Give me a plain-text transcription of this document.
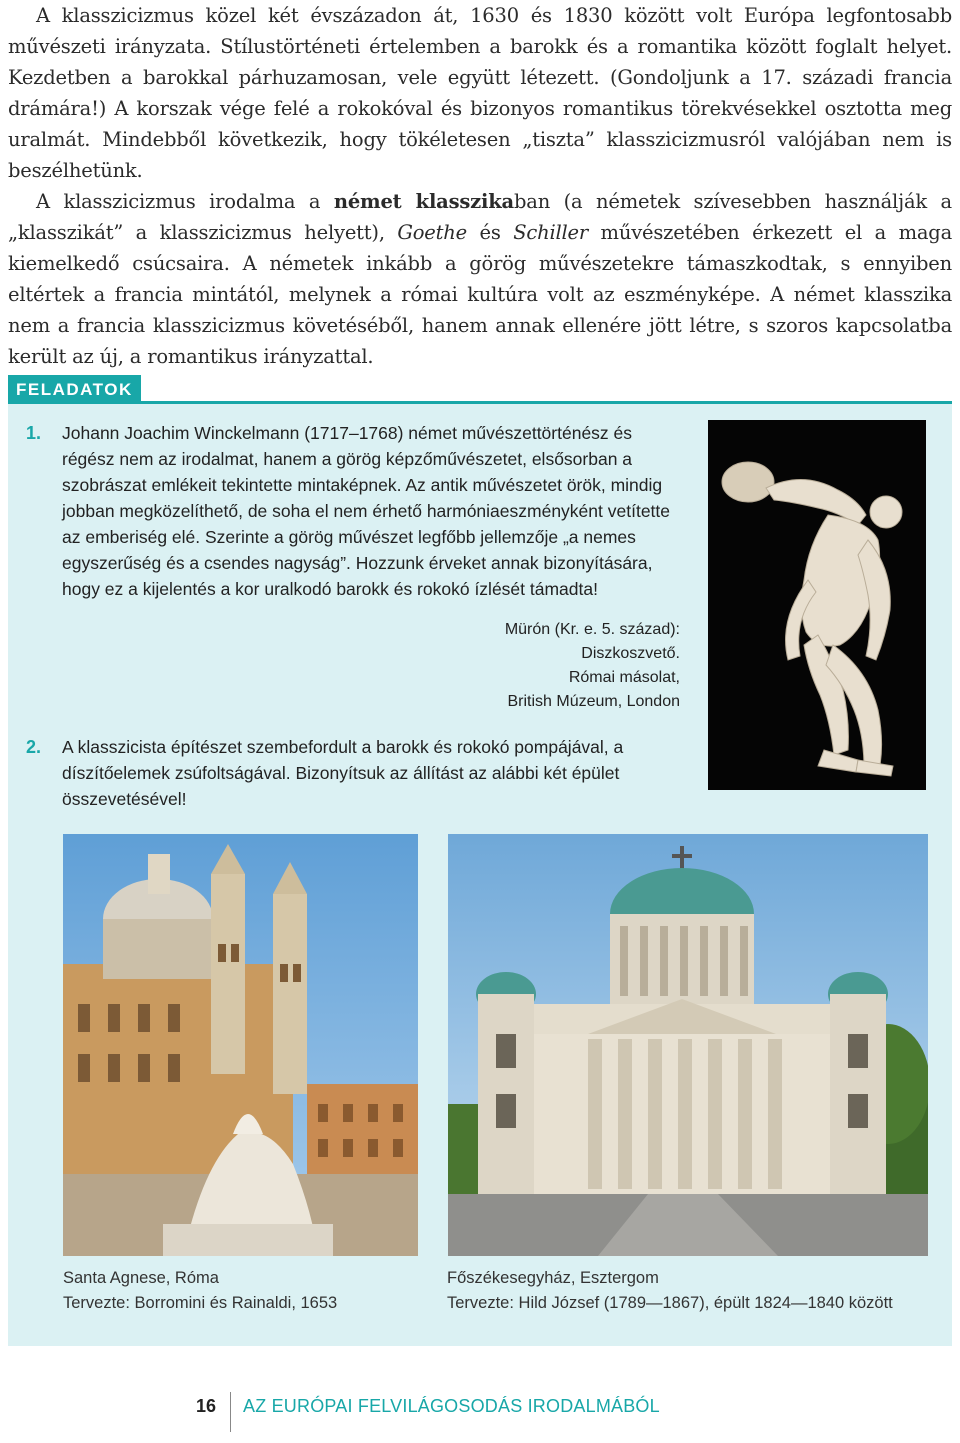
A klasszicizmus közel két évszázadon át, 1630 és 1830 között volt Európa legfontosabb művészeti irányzata. Stílustörténeti értelemben a barokk és a romantika között foglalt helyet. Kezdetben a barokkal párhuzamosan, vele együtt létezett. (Gondoljunk a 17. századi francia drámára!) A korszak vége felé a rokokóval és bizonyos romantikus törekvésekkel osztotta meg uralmát. Mindebből következik, hogy tökéletesen „tiszta” klasszicizmusról valójában nem is beszélhetünk.

A klasszicizmus irodalma a német klasszikaban (a németek szívesebben használják a „klasszikát” a klasszicizmus helyett), Goethe és Schiller művészetében érkezett el a maga kiemelkedő csúcsaira. A németek inkább a görög művészetekre támaszkodtak, s ennyiben eltértek a francia mintától, melynek a római kultúra volt az eszményképe. A német klasszika nem a francia klasszicizmus követéséből, hanem annak ellenére jött létre, s szoros kapcsolatba került az új, a romantikus irányzattal.

FELADATOK
1. Johann Joachim Winckelmann (1717–1768) német művészettörténész és régész nem az irodalmat, hanem a görög képzőművészetet, elsősorban a szobrászat emlékeit tekintette mintaképnek. Az antik művészetet örök, mindig jobban megközelíthető, de soha el nem érhető harmóniaeszményként vetítette az emberiség elé. Szerinte a görög művészet legfőbb jellemzője „a nemes egyszerűség és a csendes nagyság”. Hozzunk érveket annak bizonyítására, hogy ez a kijelentés a kor uralkodó barokk és rokokó ízlését támadta!
Mürón (Kr. e. 5. század):
Diszkoszvető.
Római másolat,
British Múzeum, London
2. A klasszicista építészet szembefordult a barokk és rokokó pompájával, a díszítőelemek zsúfoltságával. Bizonyítsuk az állítást az alábbi két épület összevetésével!
Santa Agnese, Róma
Tervezte: Borromini és Rainaldi, 1653
Főszékesegyház, Esztergom
Tervezte: Hild József (1789—1867), épült 1824—1840 között
16 AZ EURÓPAI FELVILÁGOSODÁS IRODALMÁBÓL
